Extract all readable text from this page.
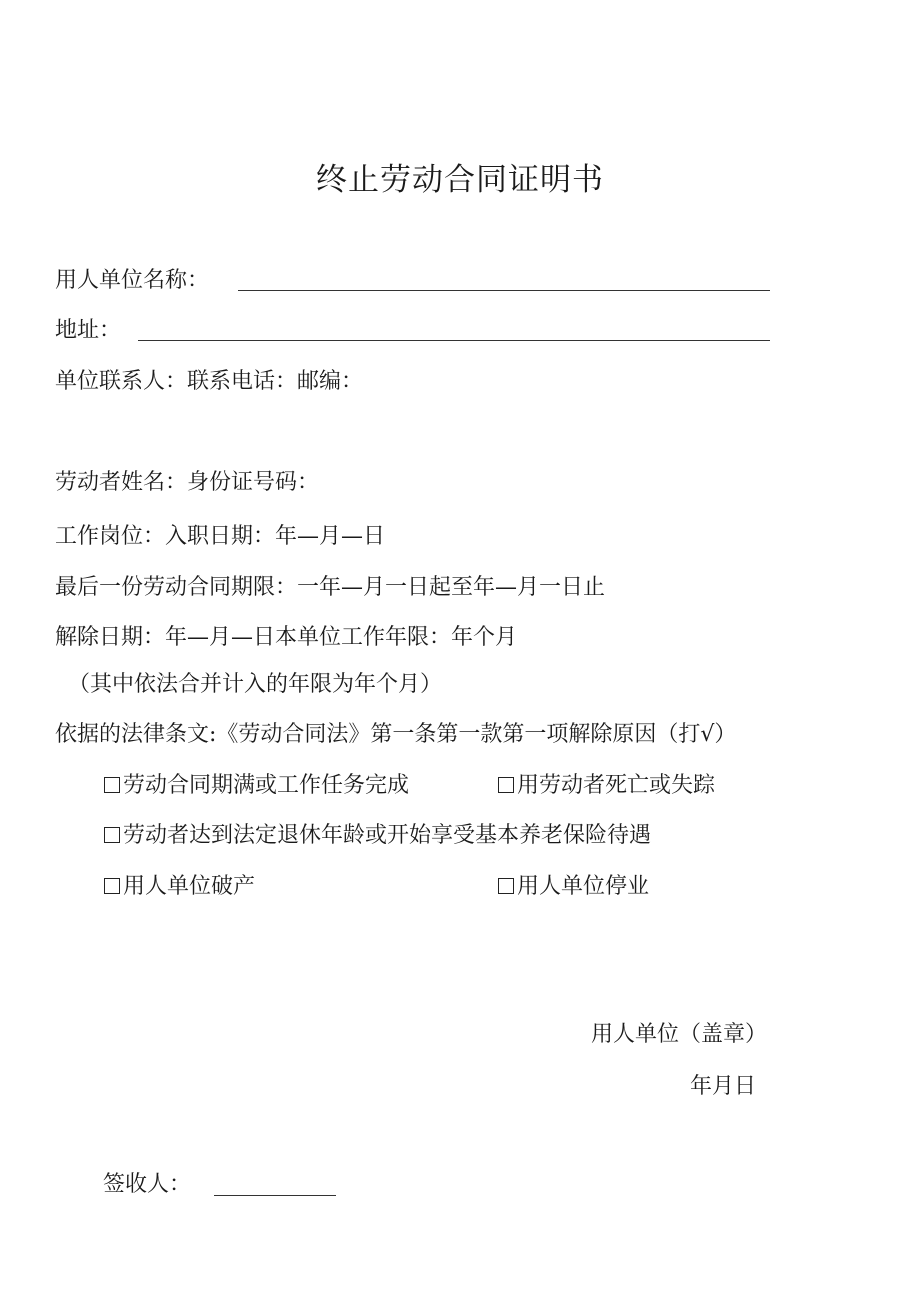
终止劳动合同证明书
用人单位名称：
地址：
单位联系人：联系电话：邮编：
劳动者姓名：身份证号码：
工作岗位：入职日期：年—月—日
最后一份劳动合同期限：一年—月一日起至年—月一日止
解除日期：年—月—日本单位工作年限：年个月
（其中依法合并计入的年限为年个月）
依据的法律条文:《劳动合同法》第一条第一款第一项解除原因（打√）
劳动合同期满或工作任务完成	用劳动者死亡或失踪
劳动者达到法定退休年龄或开始享受基本养老保险待遇
用人单位破产	用人单位停业
用人单位（盖章）
年月日
签收人：
